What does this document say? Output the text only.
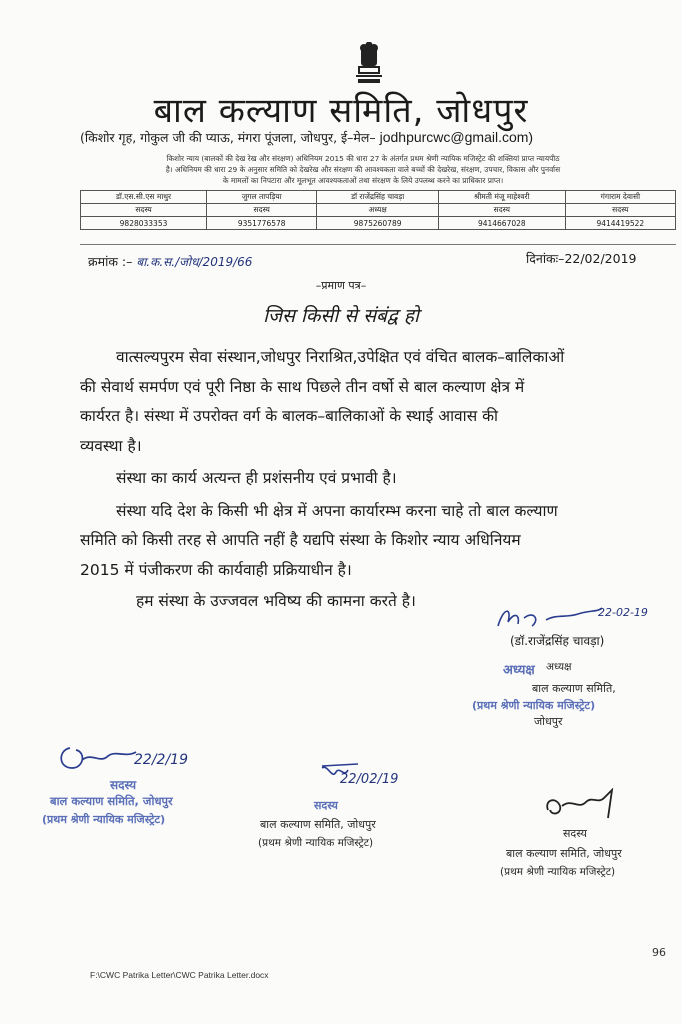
बाल कल्याण समिति, जोधपुर
(किशोर गृह, गोकुल जी की प्याऊ, मंगरा पूंजला, जोधपुर, ई–मेल– jodhpurcwc@gmail.com)
किशोर न्याय (बालकों की देख रेख और संरक्षण) अधिनियम 2015 की धारा 27 के अंतर्गत प्रथम श्रेणी न्यायिक मजिस्ट्रेट की शक्तियां प्राप्त न्यायपीठ
है। अधिनियम की धारा 29 के अनुसार समिति को देखरेख और संरक्षण की आवश्यकता वाले बच्चों की देखरेख, संरक्षण, उपचार, विकास और पुनर्वास
के मामलों का निपटारा और मूलभूत आवश्यकताओं तथा संरक्षण के लिये उपलब्ध करने का प्राधिकार प्राप्त।
डॉ.एस.सी.एस माथुर	जुगल तापड़िया	डॉ राजेंद्रसिंह चावड़ा	श्रीमती मंजू माहेश्वरी	गंगाराम देवासी
सदस्य	सदस्य	अध्यक्ष	सदस्य	सदस्य
9828033353	9351776578	9875260789	9414667028	9414419522
क्रमांक :– बा.क.स./जोध/2019/66	दिनांकः–22/02/2019
–प्रमाण पत्र–
जिस किसी से संबंद्व हो

वात्सल्यपुरम सेवा संस्थान,जोधपुर निराश्रित,उपेक्षित एवं वंचित बालक–बालिकाओं

की सेवार्थ समर्पण एवं पूरी निष्ठा के साथ पिछले तीन वर्षो से बाल कल्याण क्षेत्र में

कार्यरत है। संस्था में उपरोक्त वर्ग के बालक–बालिकाओं के स्थाई आवास की

व्यवस्था है।

संस्था का कार्य अत्यन्त ही प्रशंसनीय एवं प्रभावी है।

संस्था यदि देश के किसी भी क्षेत्र में अपना कार्यारम्भ करना चाहे तो बाल कल्याण

समिति को किसी तरह से आपति नहीं है यद्यपि संस्था के किशोर न्याय अधिनियम

2015 में पंजीकरण की कार्यवाही प्रक्रियाधीन है।

हम संस्था के उज्जवल भविष्य की कामना करते है।

22-02-19
(डॉ.राजेंद्रसिंह चावड़ा)
अध्यक्ष अध्यक्ष
बाल कल्याण समिति,
(प्रथम श्रेणी न्यायिक मजिस्ट्रेट)
जोधपुर
22/2/19
सदस्य
बाल कल्याण समिति, जोधपुर
(प्रथम श्रेणी न्यायिक मजिस्ट्रेट)
22/02/19
सदस्य
बाल कल्याण समिति, जोधपुर
(प्रथम श्रेणी न्यायिक मजिस्ट्रेट)
सदस्य
बाल कल्याण समिति, जोधपुर
(प्रथम श्रेणी न्यायिक मजिस्ट्रेट)
96
F:\CWC Patrika Letter\CWC Patrika Letter.docx
